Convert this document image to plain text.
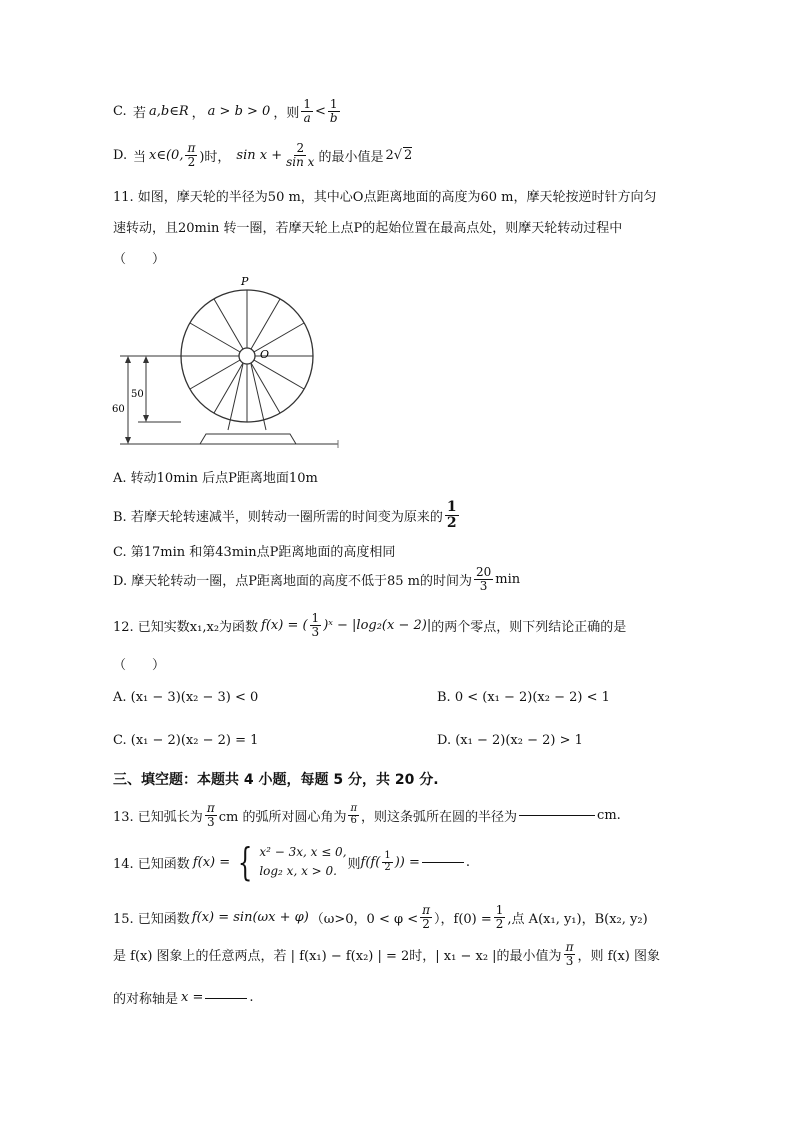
C. 若 a,b∈R ， a > b > 0 ，则 $\frac{1}{a} < \frac{1}{b}$
D. 当 x∈(0, $\frac{\pi}{2}$ )时， $\sin x + \frac{2}{\text{sin x}}$ 的最小值是 2 √ 2
11. 如图，摩天轮的半径为50 m，其中心O点距离地面的高度为60 m，摩天轮按逆时针方向匀
速转动，且20min 转一圈，若摩天轮上点P的起始位置在最高点处，则摩天轮转动过程中
（　　）
P
O
50
60
A. 转动10min 后点P距离地面10m
B. 若摩天轮转速减半，则转动一圈所需的时间变为原来的 $\frac{1}{2}$
C. 第17min 和第43min点P距离地面的高度相同
D. 摩天轮转动一圈，点P距离地面的高度不低于85 m的时间为 $\frac{20}{3}$ min
12. 已知实数x₁,x₂为函数 f(x) = ( $\frac{1}{3}$ )ˣ − |log₂(x − 2)| 的两个零点，则下列结论正确的是
（　　）
A. (x₁ − 3)(x₂ − 3) < 0	B. 0 < (x₁ − 2)(x₂ − 2) < 1
C. (x₁ − 2)(x₂ − 2) = 1	D. (x₁ − 2)(x₂ − 2) > 1
三、填空题：本题共 4 小题，每题 5 分，共 20 分.
13. 已知弧长为 $\frac{\pi}{3}$ cm 的弧所对圆心角为 $\frac{\pi}{6}$ ，则这条弧所在圆的半径为	cm.
14. 已知函数 f(x) = { x² − 3x, x ≤ 0,
log₂ x, x > 0. 则 $f(f( \frac{1}{2}$ )) =	.
15. 已知函数 f(x) = sin(ωx + φ) （ω>0，$0 < \varphi < \frac{\pi}{2}$ ），$f(0) = \frac{1}{2}$ ,点 A(x₁, y₁)，B(x₂, y₂)
是 f(x) 图象上的任意两点，若 | f(x₁) − f(x₂) | = 2时，| x₁ − x₂ |的最小值为 $\frac{\pi}{3}$ ，则 f(x) 图象
的对称轴是 x =	.
